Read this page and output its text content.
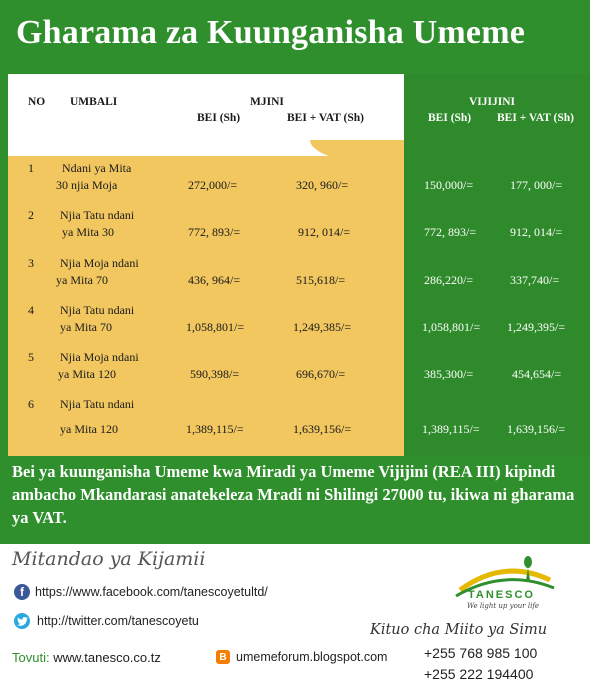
Gharama za Kuunganisha Umeme
NO UMBALI	MJINI
BEI (Sh)	BEI + VAT (Sh)
VIJIJINI
BEI (Sh) BEI + VAT (Sh)
1 Ndani ya Mita
30 njia Moja	272,000/=	320, 960/=	150,000/=	177, 000/=
2 Njia Tatu ndani
ya Mita 30	772, 893/=	912, 014/=	772, 893/=	912, 014/=
3 Njia Moja ndani
ya Mita 70	436, 964/=	515,618/=	286,220/=	337,740/=
4 Njia Tatu ndani
ya Mita 70	1,058,801/=	1,249,385/=	1,058,801/= 1,249,395/=
5 Njia Moja ndani
ya Mita 120	590,398/=	696,670/=	385,300/=	454,654/=
6 Njia Tatu ndani
ya Mita 120	1,389,115/=	1,639,156/=	1,389,115/= 1,639,156/=

Bei ya kuunganisha Umeme kwa Miradi ya Umeme Vijijini (REA III) kipindi ambacho Mkandarasi anatekeleza Mradi ni Shilingi 27000 tu, ikiwa ni gharama ya VAT.

Mitandao ya Kijamii
f https://www.facebook.com/tanescoyetultd/
http://twitter.com/tanescoyetu
Tovuti: www.tanesco.co.tz	B umemeforum.blogspot.com
TANESCO
We light up your life
Kituo cha Miito ya Simu
+255 768 985 100
+255 222 194400
